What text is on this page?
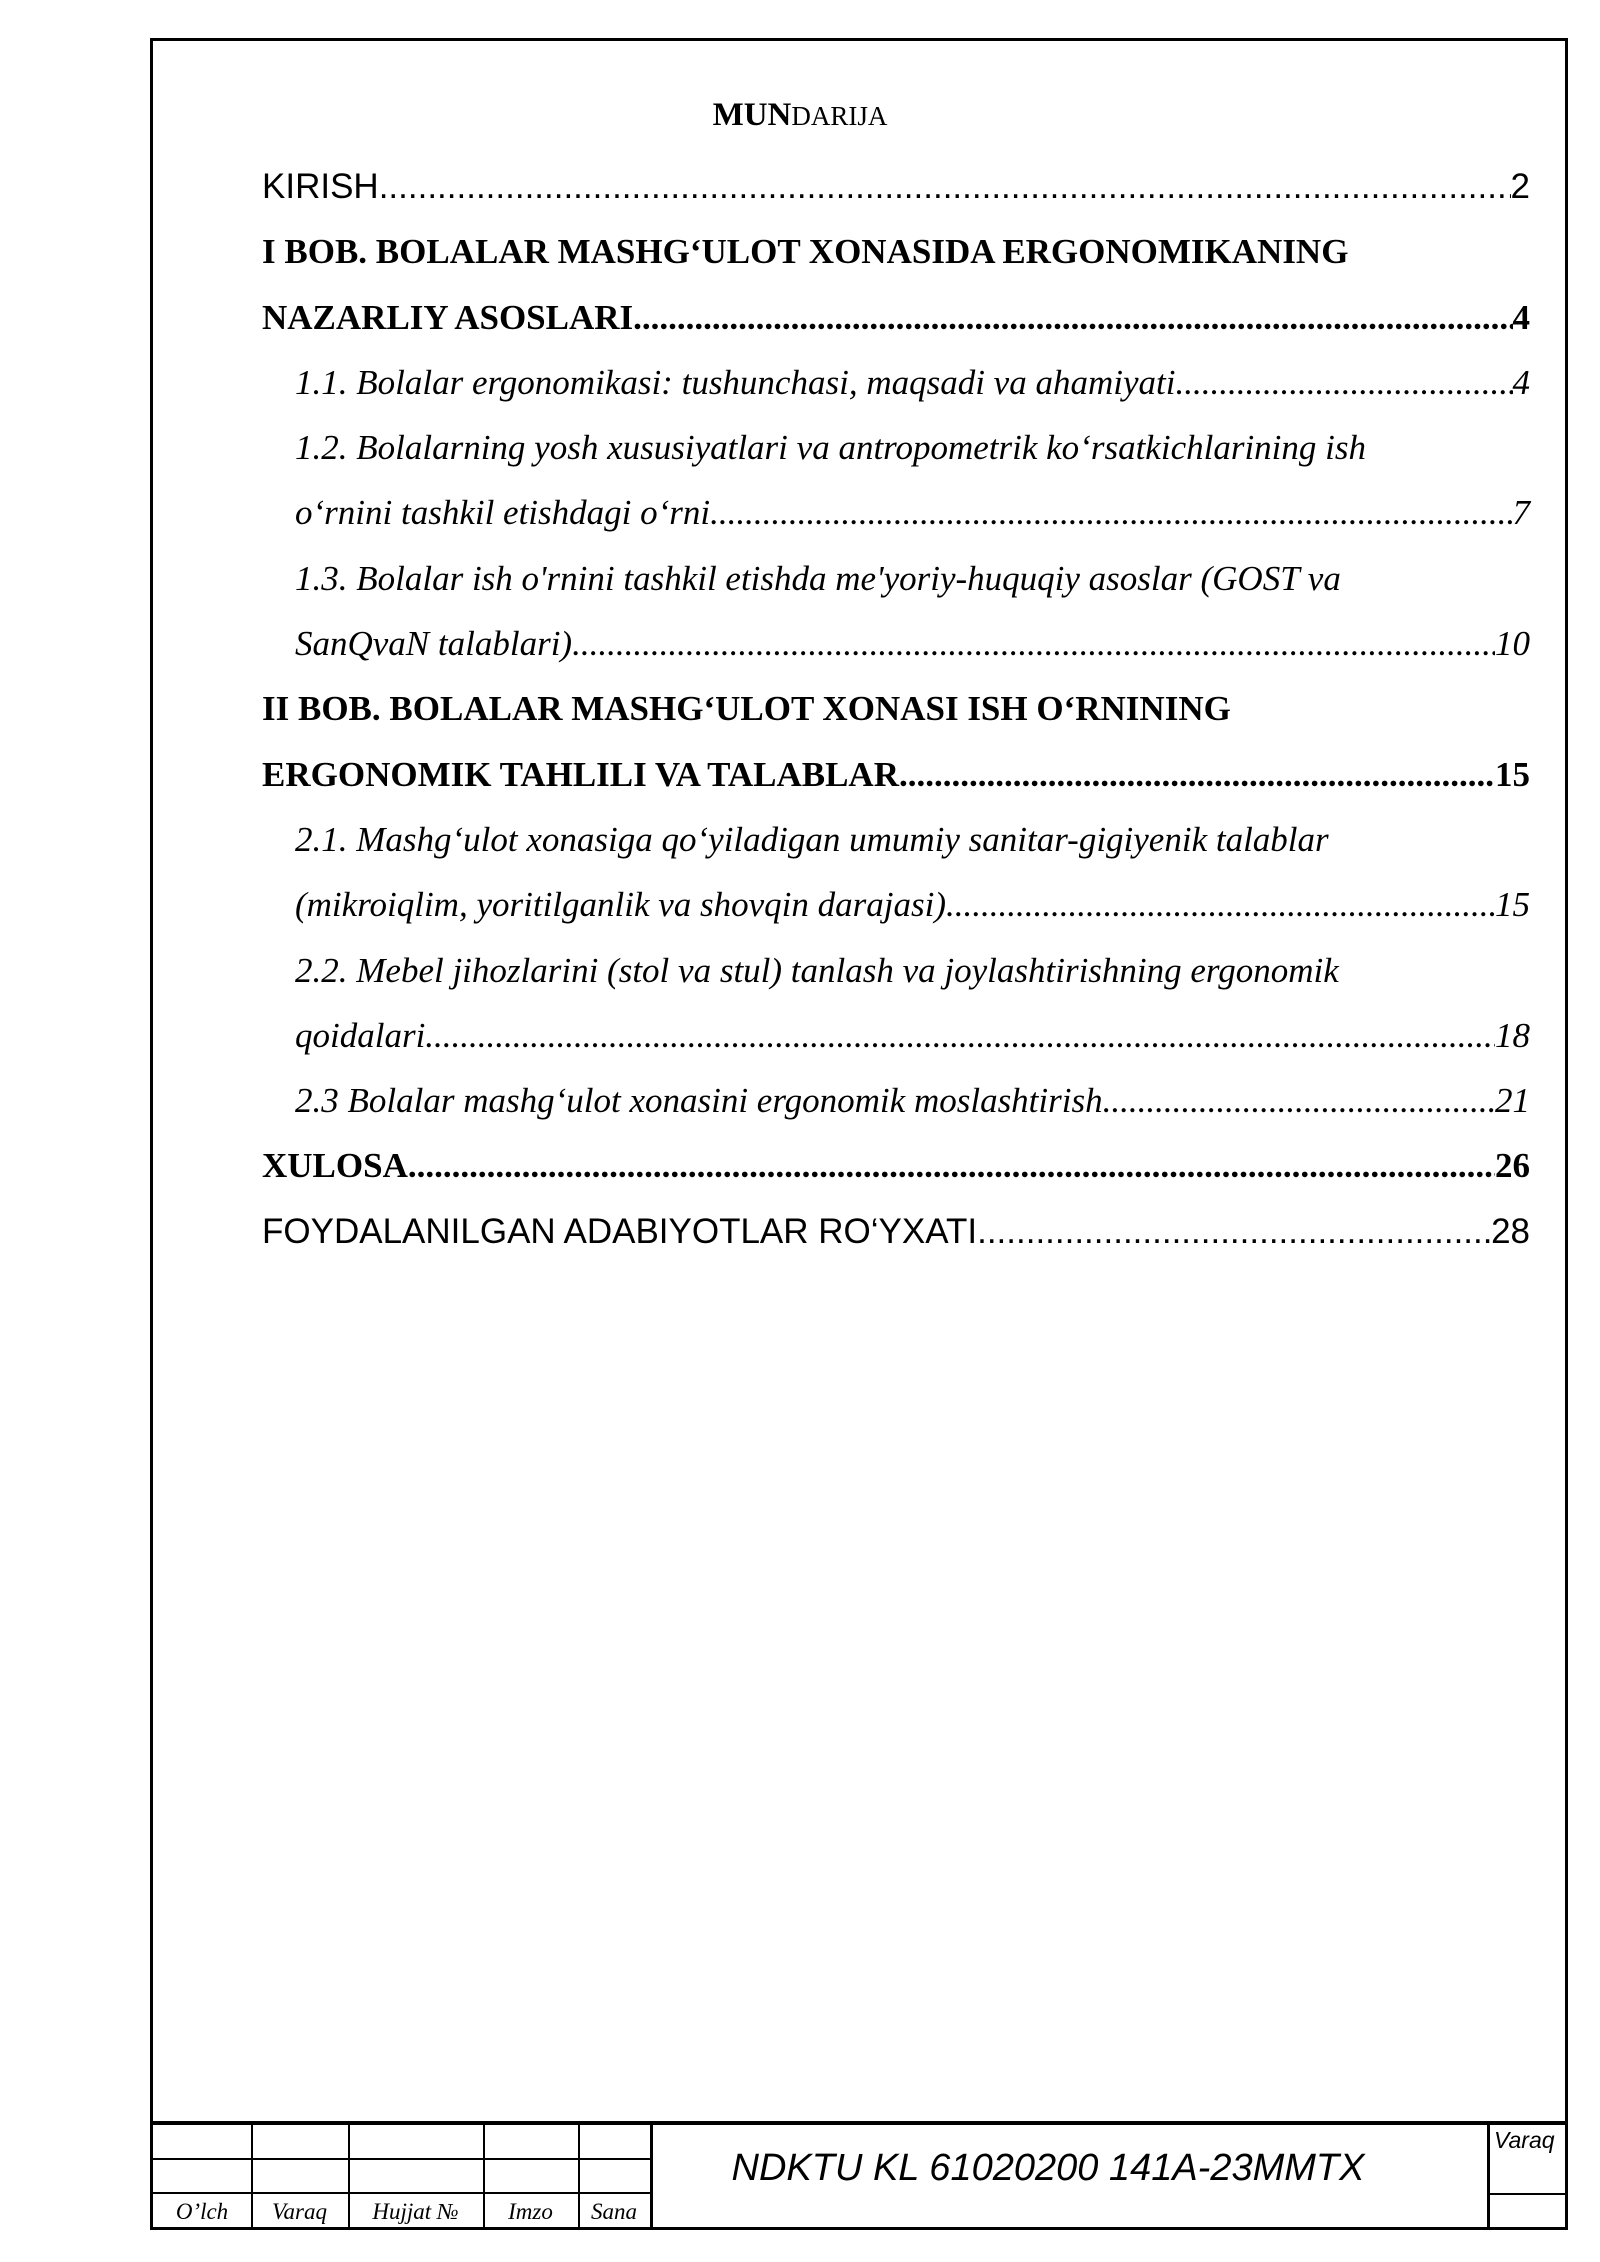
MUNDARIJA
KIRISH .....	2
I BOB. BOLALAR MASHG‘ULOT XONASIDA ERGONOMIKANING
NAZARLIY ASOSLARI .....	4
1.1. Bolalar ergonomikasi: tushunchasi, maqsadi va ahamiyati .....	4
1.2. Bolalarning yosh xususiyatlari va antropometrik ko‘rsatkichlarining ish
o‘rnini tashkil etishdagi o‘rni .....	7
1.3. Bolalar ish o'rnini tashkil etishda me'yoriy-huquqiy asoslar (GOST va
SanQvaN talablari) .....	10
II BOB. BOLALAR MASHG‘ULOT XONASI ISH O‘RNINING
ERGONOMIK TAHLILI VA TALABLAR .....	15
2.1. Mashg‘ulot xonasiga qo‘yiladigan umumiy sanitar-gigiyenik talablar
(mikroiqlim, yoritilganlik va shovqin darajasi) .....	15
2.2. Mebel jihozlarini (stol va stul) tanlash va joylashtirishning ergonomik
qoidalari .....	18
2.3 Bolalar mashg‘ulot xonasini ergonomik moslashtirish .....	21
XULOSA .....	26
FOYDALANILGAN ADABIYOTLAR RO‘YXATI .....	28
O’lch	Varaq	Hujjat №	Imzo	Sana
NDKTU KL 61020200 141A-23MMTX
Varaq
